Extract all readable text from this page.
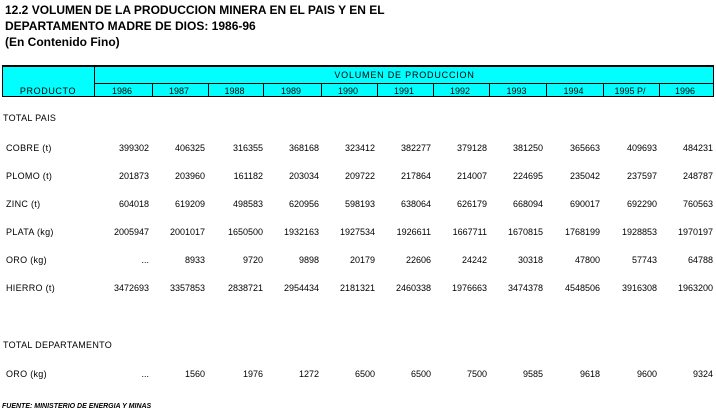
12.2 VOLUMEN DE LA PRODUCCION MINERA EN EL PAIS Y EN EL
DEPARTAMENTO MADRE DE DIOS: 1986-96
(En Contenido Fino)
VOLUMEN DE PRODUCCION
PRODUCTO	1986	1987	1988	1989	1990	1991	1992	1993	1994	1995 P/	1996
TOTAL PAIS
COBRE (t)	399302	406325	316355	368168	323412	382277	379128	381250	365663	409693	484231
PLOMO (t)	201873	203960	161182	203034	209722	217864	214007	224695	235042	237597	248787
ZINC (t)	604018	619209	498583	620956	598193	638064	626179	668094	690017	692290	760563
PLATA (kg)	2005947	2001017	1650500	1932163	1927534	1926611	1667711	1670815	1768199	1928853	1970197
ORO (kg)	...	8933	9720	9898	20179	22606	24242	30318	47800	57743	64788
HIERRO (t)	3472693	3357853	2838721	2954434	2181321	2460338	1976663	3474378	4548506	3916308	1963200
TOTAL DEPARTAMENTO
ORO (kg)	...	1560	1976	1272	6500	6500	7500	9585	9618	9600	9324
FUENTE: MINISTERIO DE ENERGIA Y MINAS
